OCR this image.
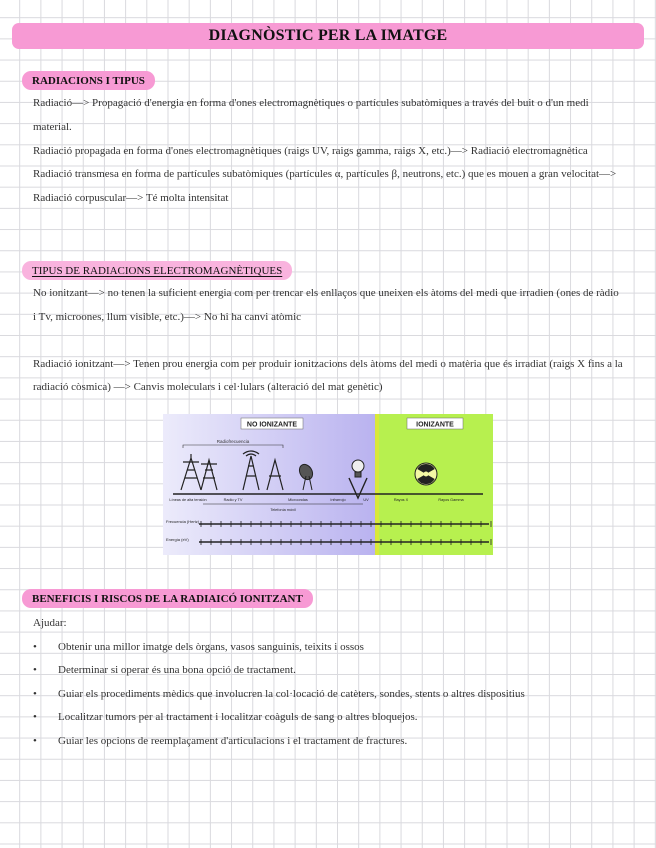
DIAGNÒSTIC PER LA IMATGE
RADIACIONS I TIPUS

Radiació—> Propagació d'energia en forma d'ones electromagnètiques o partícules subatòmiques a través del buit o d'un medi material.

Radiació propagada en forma d'ones electromagnètiques (raigs UV, raigs gamma, raigs X, etc.)—> Radiació electromagnètica

Radiació transmesa en forma de partícules subatòmiques (partícules α, partícules β, neutrons, etc.) que es mouen a gran velocitat—> Radiació corpuscular—> Té molta intensitat

TIPUS DE RADIACIONS ELECTROMAGNÈTIQUES

No ionitzant—> no tenen la suficient energia com per trencar els enllaços que uneixen els àtoms del medi que irradien (ones de ràdio i Tv, microones, llum visible, etc.)—> No hi ha canvi atòmic

Radiació ionitzant—> Tenen prou energia com per produir ionitzacions dels àtoms del medi o matèria que és irradiat (raigs X fins a la radiació còsmica) —> Canvis moleculars i cel·lulars (alteració del mat genètic)

NO IONIZANTE	IONIZANTE
Radiofrecuencia
Líneas de alta tensión	Radio y TV	Microondas	Infrarrojo	UV	Rayos X	Rayos Gamma
Telefonía móvil
Frecuencia (Hertz)
Energía (eV)
BENEFICIS I RISCOS DE LA RADIAICÓ IONITZANT

Ajudar:

• Obtenir una millor imatge dels òrgans, vasos sanguinis, teixits i ossos
• Determinar si operar és una bona opció de tractament.
• Guiar els procediments mèdics que involucren la col·locació de catèters, sondes, stents o altres dispositius
• Localitzar tumors per al tractament i localitzar coàguls de sang o altres bloquejos.
• Guiar les opcions de reemplaçament d'articulacions i el tractament de fractures.
